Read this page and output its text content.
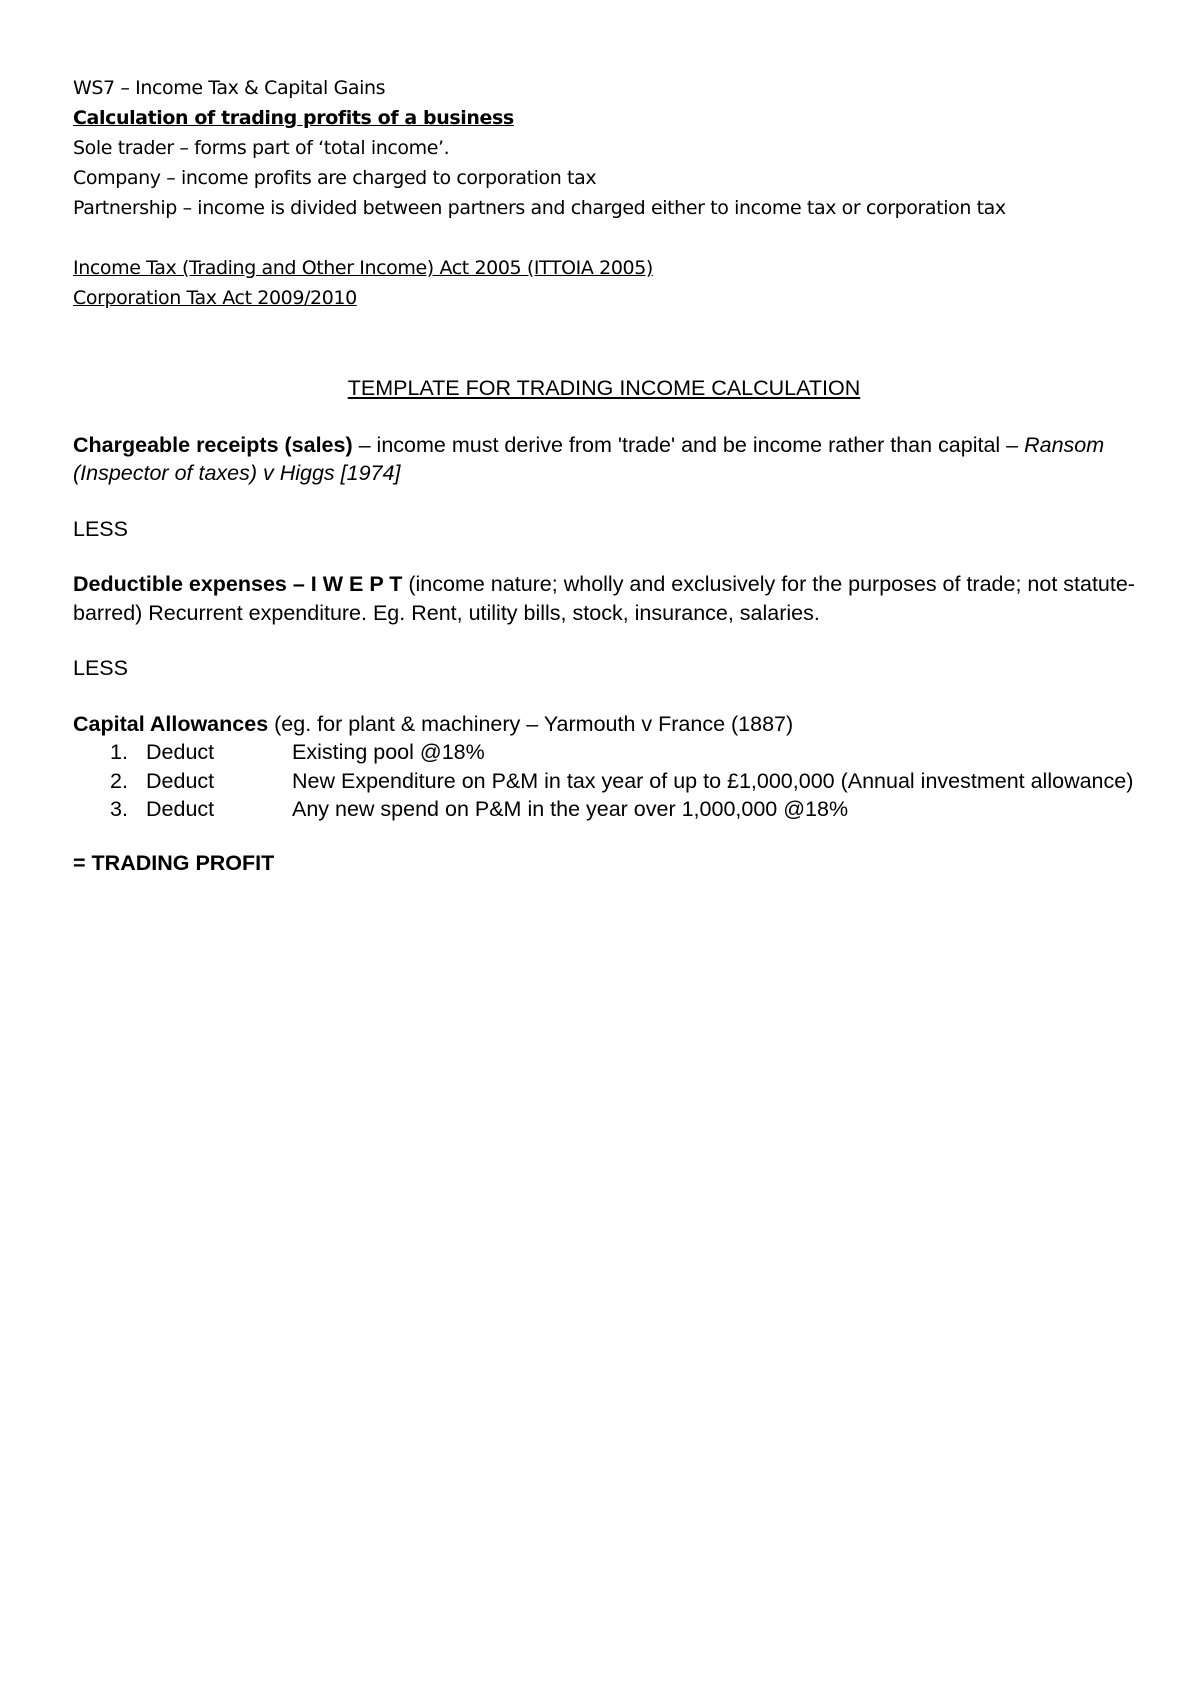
WS7 – Income Tax & Capital Gains
Calculation of trading profits of a business
Sole trader – forms part of ‘total income’.
Company – income profits are charged to corporation tax
Partnership – income is divided between partners and charged either to income tax or corporation tax
Income Tax (Trading and Other Income) Act 2005 (ITTOIA 2005)
Corporation Tax Act 2009/2010
TEMPLATE FOR TRADING INCOME CALCULATION
Chargeable receipts (sales) – income must derive from 'trade' and be income rather than capital – Ransom (Inspector of taxes) v Higgs [1974]
LESS
Deductible expenses – I W E P T (income nature; wholly and exclusively for the purposes of trade; not statute-barred) Recurrent expenditure. Eg. Rent, utility bills, stock, insurance, salaries.
LESS
Capital Allowances (eg. for plant & machinery – Yarmouth v France (1887)
1. Deduct	Existing pool @18%
2. Deduct	New Expenditure on P&M in tax year of up to £1,000,000 (Annual investment allowance)
3. Deduct	Any new spend on P&M in the year over 1,000,000 @18%
= TRADING PROFIT
